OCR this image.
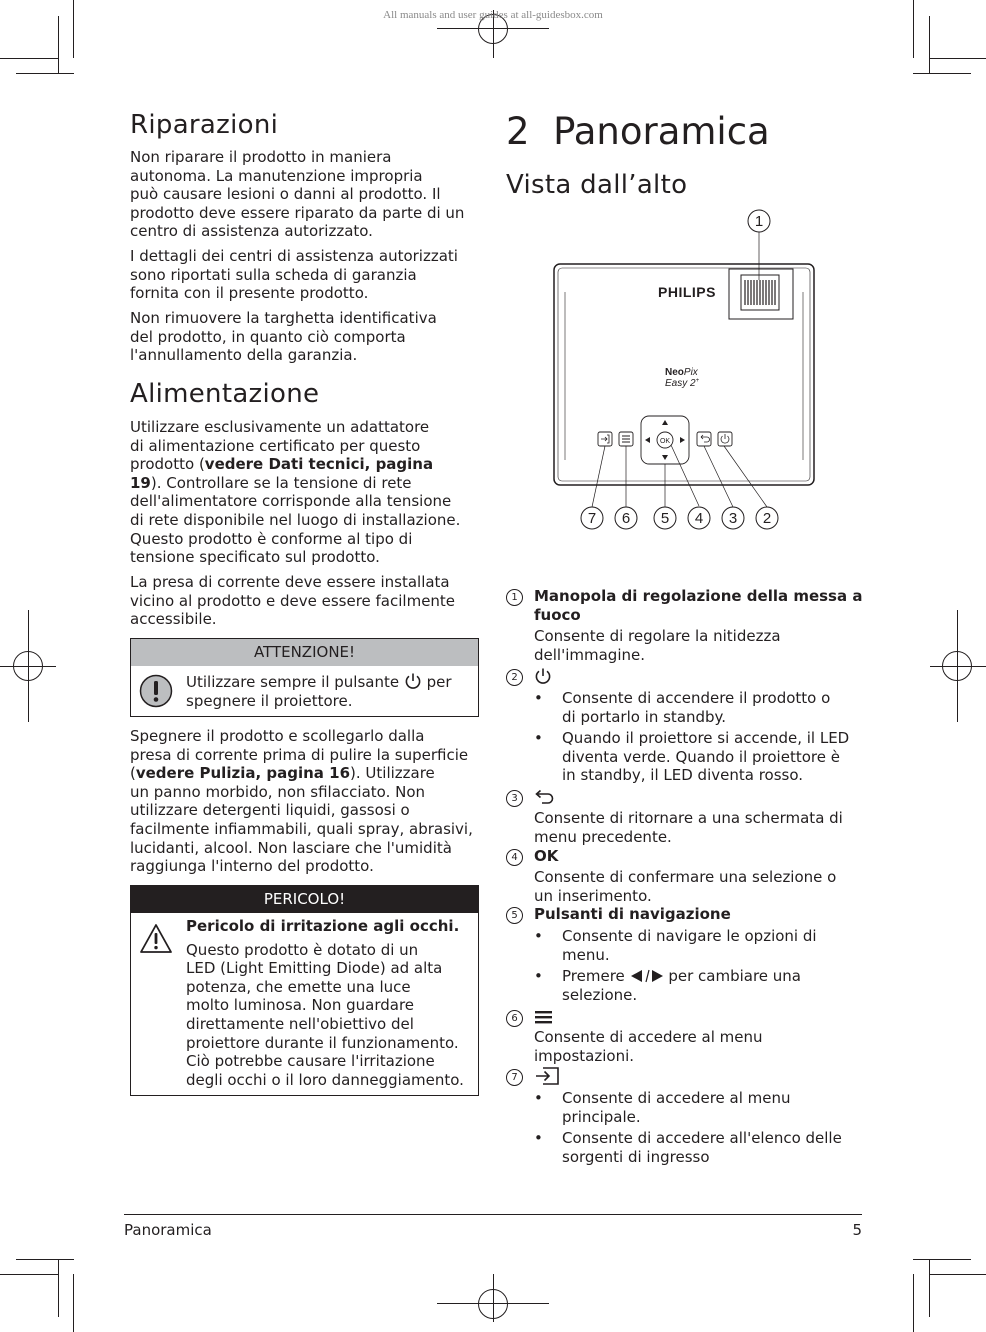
All manuals and user guides at all-guidesbox.com
Riparazioni

Non riparare il prodotto in maniera
autonoma. La manutenzione impropria
può causare lesioni o danni al prodotto. Il
prodotto deve essere riparato da parte di un
centro di assistenza autorizzato.

I dettagli dei centri di assistenza autorizzati
sono riportati sulla scheda di garanzia
fornita con il presente prodotto.

Non rimuovere la targhetta identificativa
del prodotto, in quanto ciò comporta
l'annullamento della garanzia.

Alimentazione

Utilizzare esclusivamente un adattatore
di alimentazione certificato per questo
prodotto (vedere Dati tecnici, pagina
19). Controllare se la tensione di rete
dell'alimentatore corrisponde alla tensione
di rete disponibile nel luogo di installazione.
Questo prodotto è conforme al tipo di
tensione specificato sul prodotto.

La presa di corrente deve essere installata
vicino al prodotto e deve essere facilmente
accessibile.

ATTENZIONE!
Utilizzare sempre il pulsante per
spegnere il proiettore.

Spegnere il prodotto e scollegarlo dalla
presa di corrente prima di pulire la superficie
(vedere Pulizia, pagina 16). Utilizzare
un panno morbido, non sfilacciato. Non
utilizzare detergenti liquidi, gassosi o
facilmente infiammabili, quali spray, abrasivi,
lucidanti, alcool. Non lasciare che l'umidità
raggiunga l'interno del prodotto.

PERICOLO!
Pericolo di irritazione agli occhi.
Questo prodotto è dotato di un
LED (Light Emitting Diode) ad alta
potenza, che emette una luce
molto luminosa. Non guardare
direttamente nell'obiettivo del
proiettore durante il funzionamento.
Ciò potrebbe causare l'irritazione
degli occhi o il loro danneggiamento.
2 Panoramica
Vista dall’alto
PHILIPS
NeoPix
Easy 2+
OK
1
7 6 5 4 3 2
1	Manopola di regolazione della messa a
fuoco
Consente di regolare la nitidezza
dell'immagine.
2
• Consente di accendere il prodotto o
di portarlo in standby.
• Quando il proiettore si accende, il LED
diventa verde. Quando il proiettore è
in standby, il LED diventa rosso.
3
Consente di ritornare a una schermata di
menu precedente.
4	OK
Consente di confermare una selezione o
un inserimento.
5	Pulsanti di navigazione
• Consente di navigare le opzioni di
menu.
• Premere	per cambiare una
selezione.
6
Consente di accedere al menu
impostazioni.
7
• Consente di accedere al menu
principale.
• Consente di accedere all'elenco delle
sorgenti di ingresso
Panoramica	5
